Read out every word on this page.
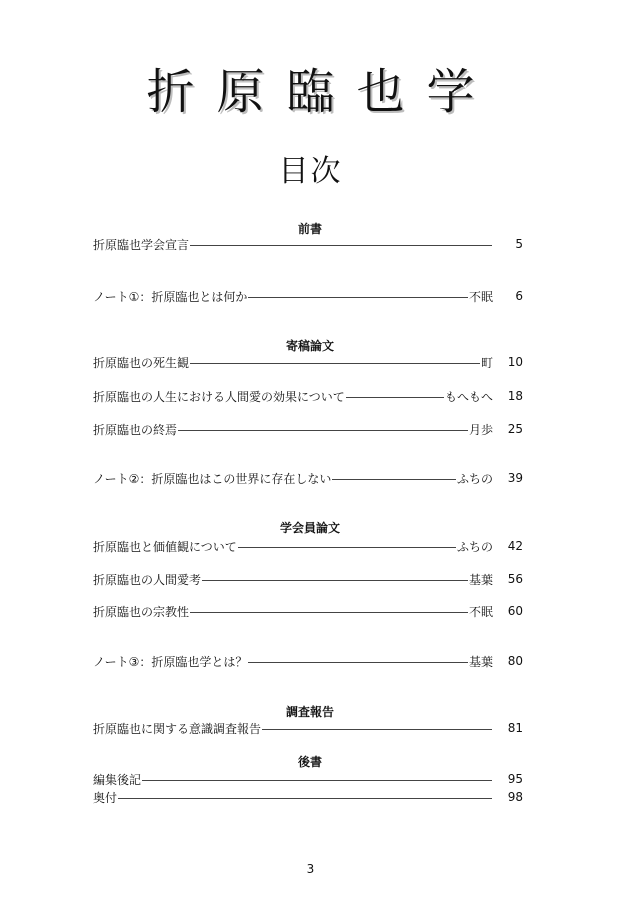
折原臨也学
目次
前書
折原臨也学会宣言	5
ノート①：折原臨也とは何か	不眠	6
寄稿論文
折原臨也の死生観	町	10
折原臨也の人生における人間愛の効果について	もへもへ	18
折原臨也の終焉	月歩	25
ノート②：折原臨也はこの世界に存在しない	ふちの	39
学会員論文
折原臨也と価値観について	ふちの	42
折原臨也の人間愛考	基葉	56
折原臨也の宗教性	不眠	60
ノート③：折原臨也学とは？	基葉	80
調査報告
折原臨也に関する意識調査報告	81
後書
編集後記	95
奥付	98
3
